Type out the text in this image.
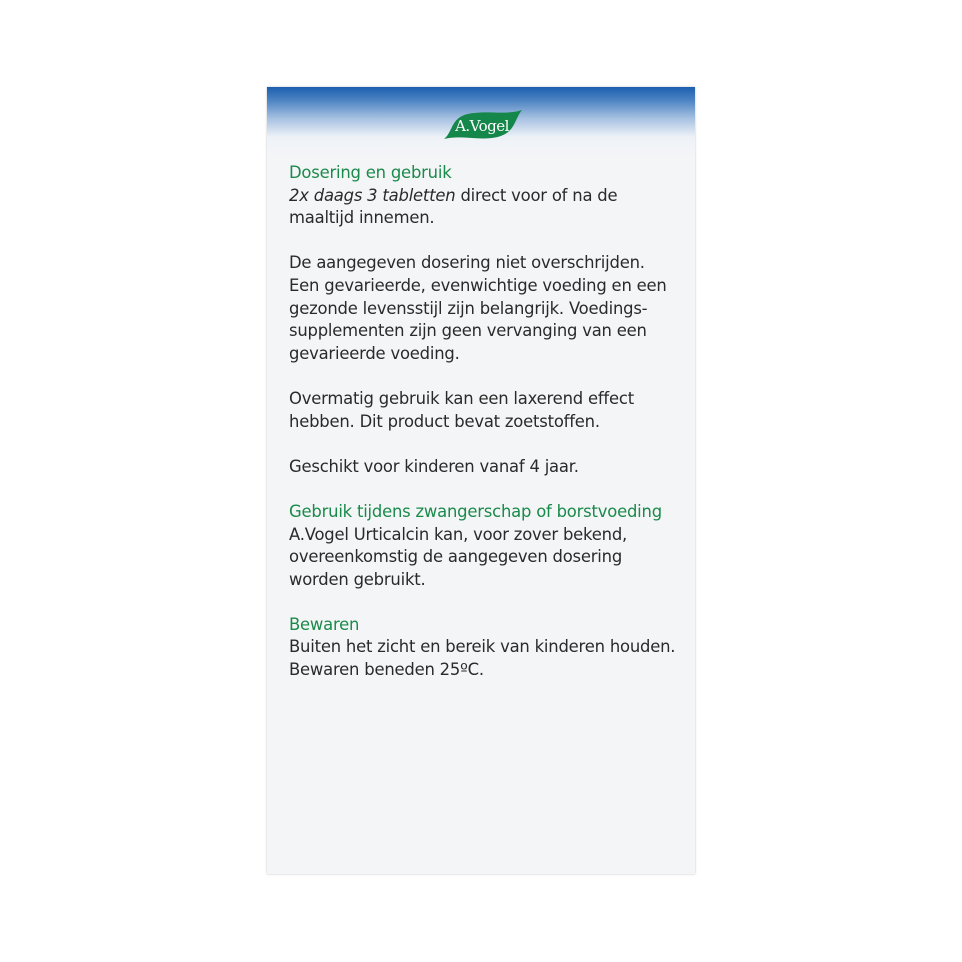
A.Vogel
Dosering en gebruik
2x daags 3 tabletten direct voor of na de
maaltijd innemen.
De aangegeven dosering niet overschrijden.
Een gevarieerde, evenwichtige voeding en een
gezonde levensstijl zijn belangrijk. Voedings-
supplementen zijn geen vervanging van een
gevarieerde voeding.
Overmatig gebruik kan een laxerend effect
hebben. Dit product bevat zoetstoffen.
Geschikt voor kinderen vanaf 4 jaar.
Gebruik tijdens zwangerschap of borstvoeding
A.Vogel Urticalcin kan, voor zover bekend,
overeenkomstig de aangegeven dosering
worden gebruikt.
Bewaren
Buiten het zicht en bereik van kinderen houden.
Bewaren beneden 25ºC.
